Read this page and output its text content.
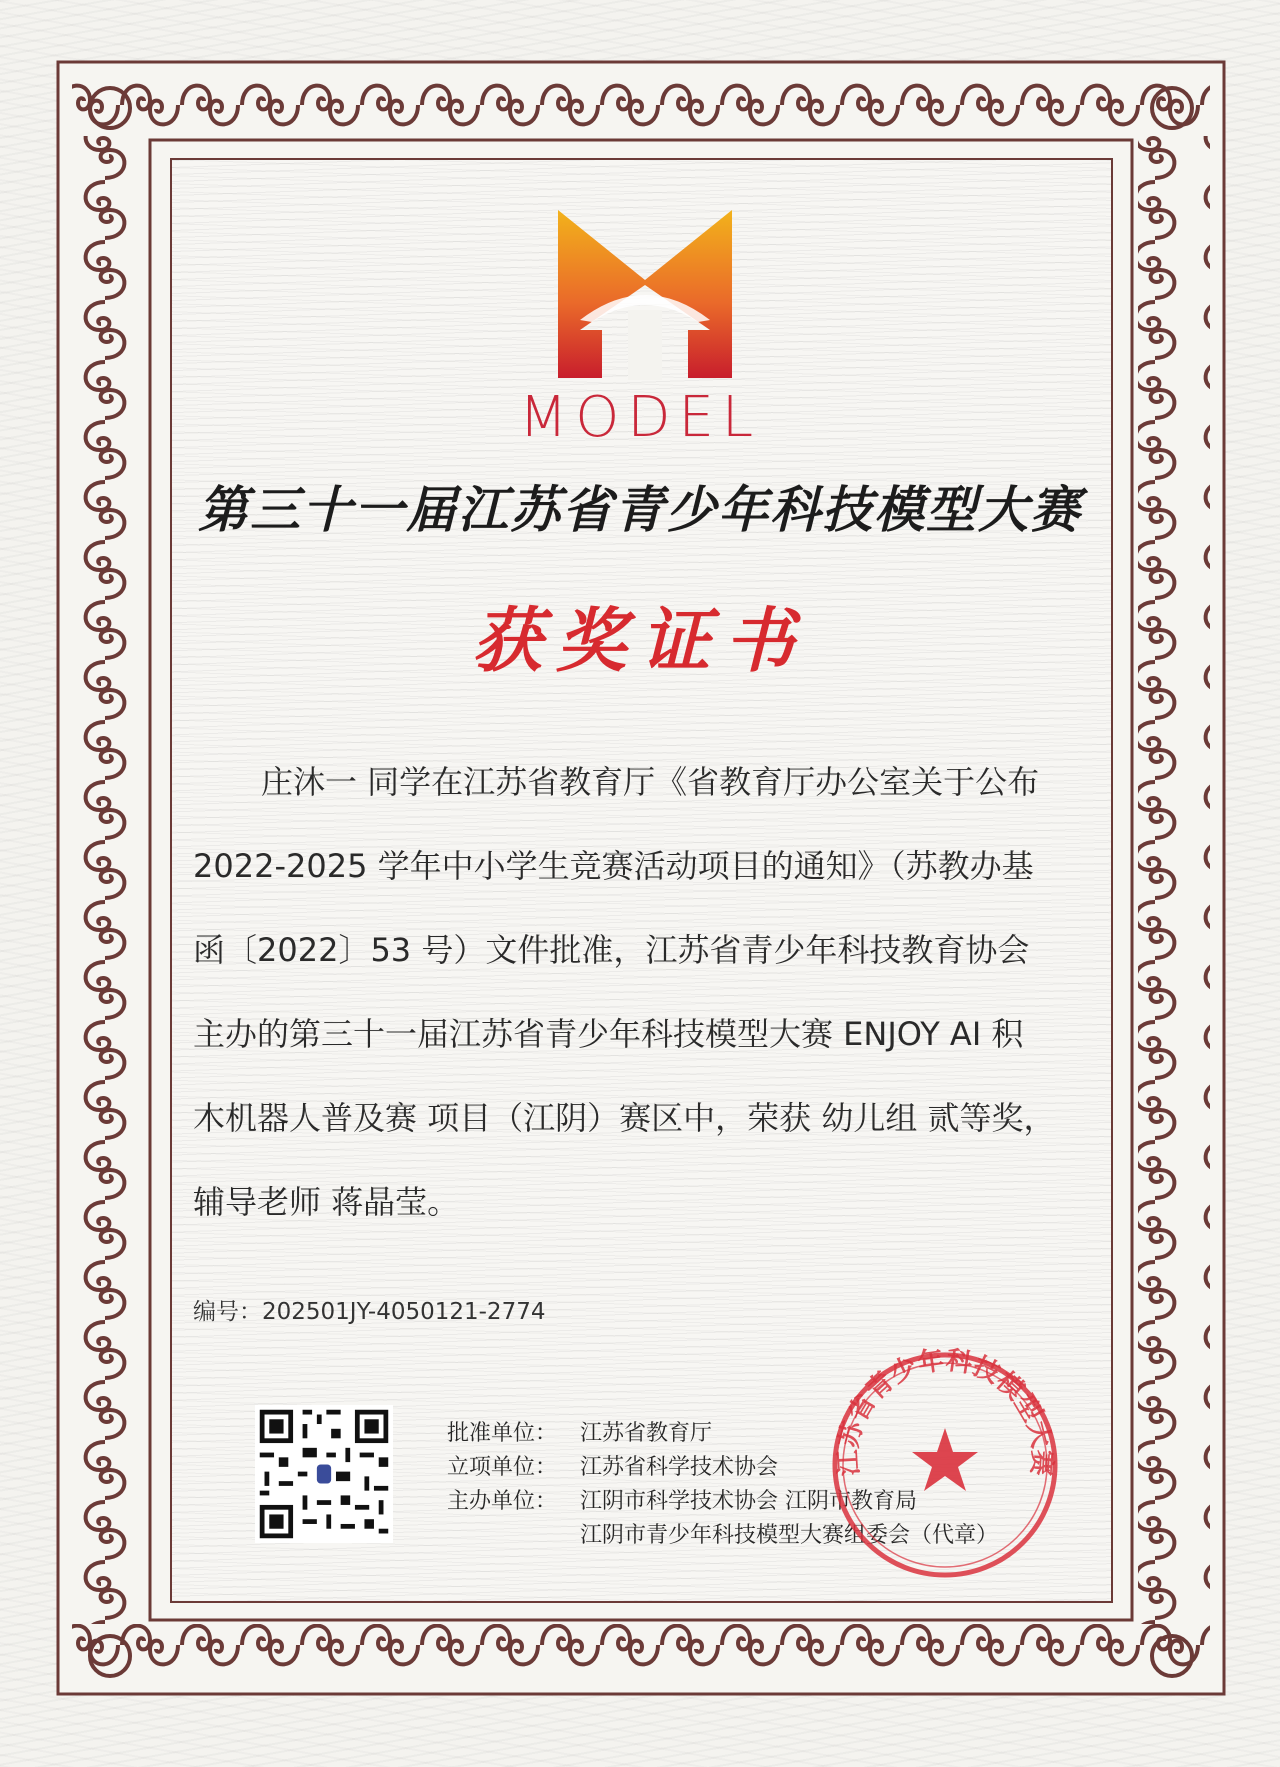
MODEL
第三十一届江苏省青少年科技模型大赛
获奖证书
庄沐一 同学在江苏省教育厅《省教育厅办公室关于公布
2022-2025 学年中小学生竞赛活动项目的通知》（苏教办基
函〔2022〕53 号）文件批准，江苏省青少年科技教育协会
主办的第三十一届江苏省青少年科技模型大赛 ENJOY AI 积
木机器人普及赛 项目（江阴）赛区中，荣获 幼儿组 贰等奖，
辅导老师 蒋晶莹。
编号：202501JY-4050121-2774
批准单位： 江苏省教育厅
立项单位： 江苏省科学技术协会
主办单位： 江阴市科学技术协会 江阴市教育局
江阴市青少年科技模型大赛组委会（代章）
江苏省青少年科技模型大赛
